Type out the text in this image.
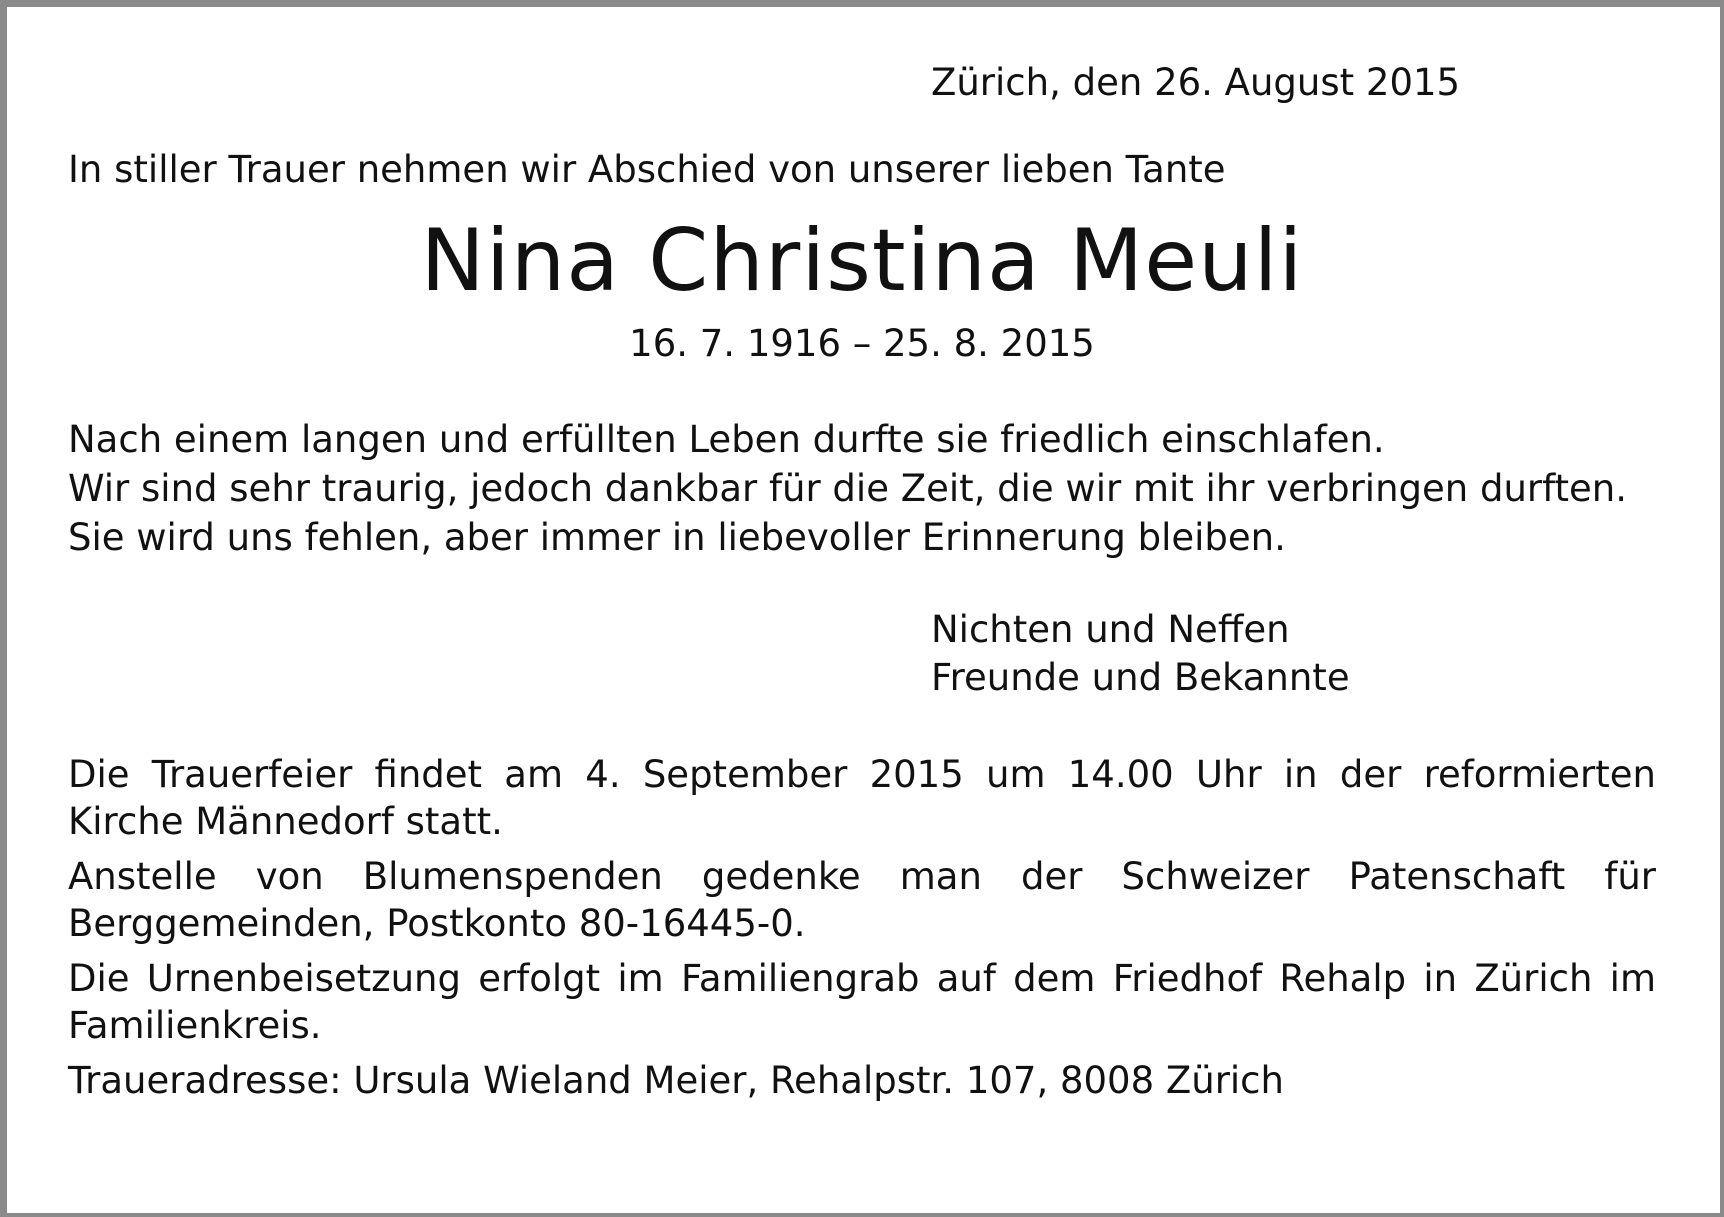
Zürich, den 26. August 2015
In stiller Trauer nehmen wir Abschied von unserer lieben Tante
Nina Christina Meuli
16. 7. 1916 – 25. 8. 2015

Nach einem langen und erfüllten Leben durfte sie friedlich einschlafen.

Wir sind sehr traurig, jedoch dankbar für die Zeit, die wir mit ihr verbringen durften. Sie wird uns fehlen, aber immer in liebevoller Erinnerung bleiben.

Nichten und Neffen
Freunde und Bekannte

Die Trauerfeier findet am 4. September 2015 um 14.00 Uhr in der reformierten Kirche Männedorf statt.

Anstelle von Blumenspenden gedenke man der Schweizer Patenschaft für Berggemeinden, Postkonto 80-16445-0.

Die Urnenbeisetzung erfolgt im Familiengrab auf dem Friedhof Rehalp in Zürich im Familienkreis.

Traueradresse: Ursula Wieland Meier, Rehalpstr. 107, 8008 Zürich
